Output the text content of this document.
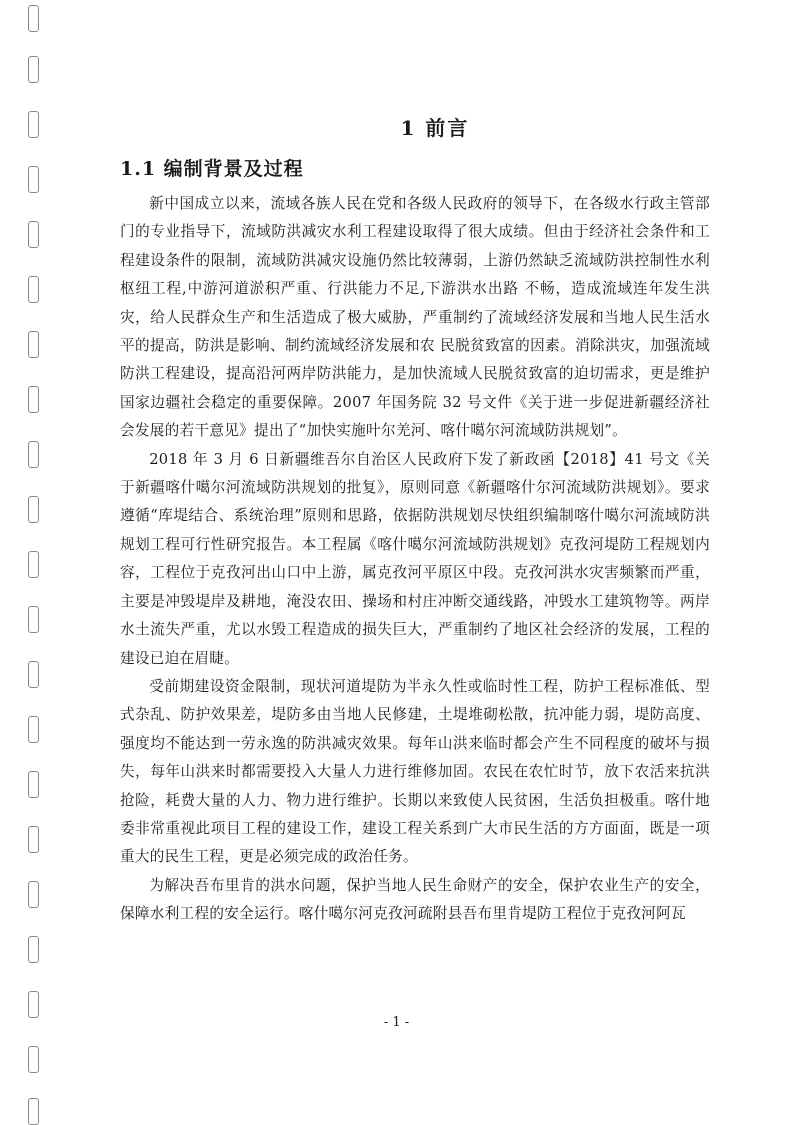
1 前言
1.1 编制背景及过程

新中国成立以来，流域各族人民在党和各级人民政府的领导下，在各级水行政主管部门的专业指导下，流域防洪减灾水利工程建设取得了很大成绩。但由于经济社会条件和工程建设条件的限制，流域防洪减灾设施仍然比较薄弱，上游仍然缺乏流域防洪控制性水利枢纽工程,中游河道淤积严重、行洪能力不足,下游洪水出路 不畅，造成流域连年发生洪灾，给人民群众生产和生活造成了极大威胁，严重制约了流域经济发展和当地人民生活水平的提高，防洪是影响、制约流域经济发展和农 民脱贫致富的因素。消除洪灾，加强流域防洪工程建设，提高沿河两岸防洪能力，是加快流域人民脱贫致富的迫切需求，更是维护国家边疆社会稳定的重要保障。2007 年国务院 32 号文件《关于进一步促进新疆经济社会发展的若干意见》提出了“加快实施叶尔羌河、喀什噶尔河流域防洪规划”。

2018 年 3 月 6 日新疆维吾尔自治区人民政府下发了新政函【2018】41 号文《关于新疆喀什噶尔河流域防洪规划的批复》，原则同意《新疆喀什尔河流域防洪规划》。要求遵循“库堤结合、系统治理”原则和思路，依据防洪规划尽快组织编制喀什噶尔河流域防洪规划工程可行性研究报告。本工程属《喀什噶尔河流域防洪规划》克孜河堤防工程规划内容，工程位于克孜河出山口中上游，属克孜河平原区中段。克孜河洪水灾害频繁而严重，主要是冲毁堤岸及耕地，淹没农田、操场和村庄冲断交通线路，冲毁水工建筑物等。两岸水土流失严重，尤以水毁工程造成的损失巨大，严重制约了地区社会经济的发展，工程的建设已迫在眉睫。

受前期建设资金限制，现状河道堤防为半永久性或临时性工程，防护工程标准低、型式杂乱、防护效果差，堤防多由当地人民修建，土堤堆砌松散，抗冲能力弱，堤防高度、强度均不能达到一劳永逸的防洪减灾效果。每年山洪来临时都会产生不同程度的破坏与损失，每年山洪来时都需要投入大量人力进行维修加固。农民在农忙时节，放下农活来抗洪抢险，耗费大量的人力、物力进行维护。长期以来致使人民贫困，生活负担极重。喀什地委非常重视此项目工程的建设工作，建设工程关系到广大市民生活的方方面面，既是一项重大的民生工程，更是必须完成的政治任务。

为解决吾布里肯的洪水问题，保护当地人民生命财产的安全，保护农业生产的安全，保障水利工程的安全运行。喀什噶尔河克孜河疏附县吾布里肯堤防工程位于克孜河阿瓦

- 1 -
